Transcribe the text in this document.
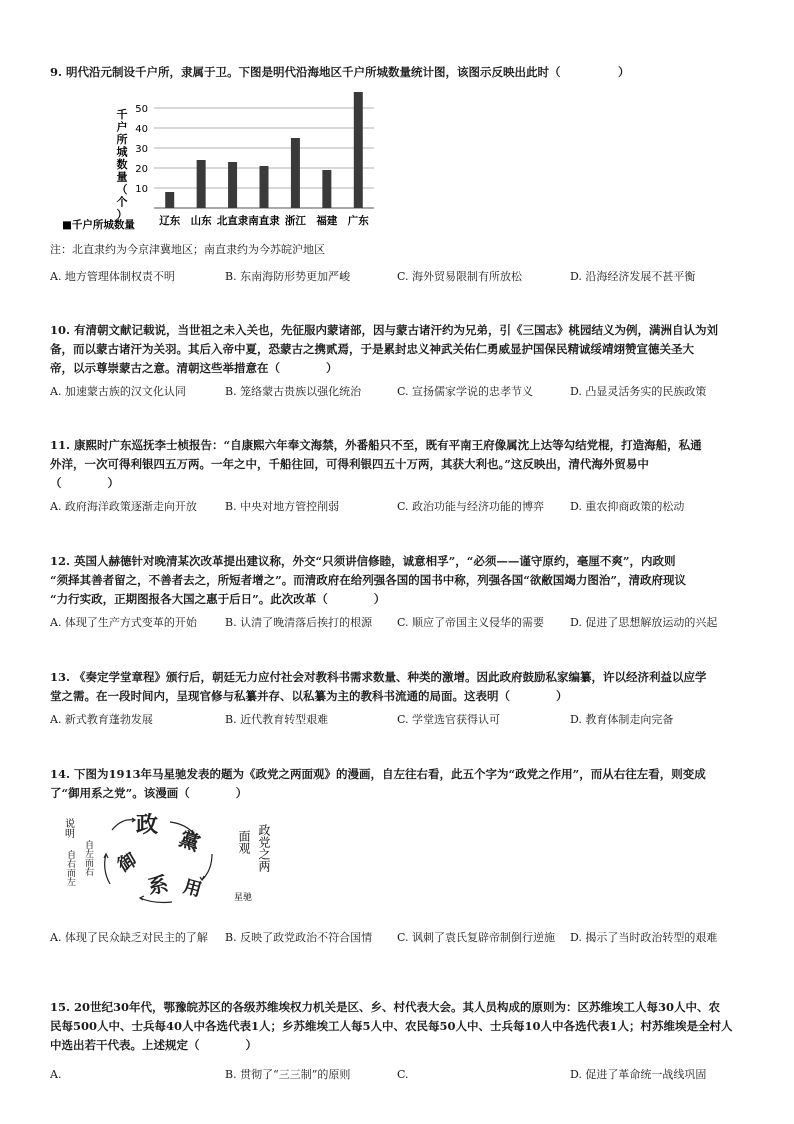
9. 明代沿元制设千户所，隶属于卫。下图是明代沿海地区千户所城数量统计图，该图示反映出此时（　　　　　）
10
20
30
40
50
辽东 山东 北直隶 南直隶 浙江 福建 广东
千户所城数量（个）
■千户所城数量
注：北直隶约为今京津冀地区；南直隶约为今苏皖沪地区
A. 地方管理体制权责不明	B. 东南海防形势更加严峻	C. 海外贸易限制有所放松	D. 沿海经济发展不甚平衡
10. 有清朝文献记载说，当世祖之未入关也，先征服内蒙诸部，因与蒙古诸汗约为兄弟，引《三国志》桃园结义为例，满洲自认为刘
备，而以蒙古诸汗为关羽。其后入帝中夏，恐蒙古之携贰焉，于是累封忠义神武关佑仁勇威显护国保民精诚绥靖翊赞宣德关圣大
帝，以示尊崇蒙古之意。清朝这些举措意在（　　　　）
A. 加速蒙古族的汉文化认同	B. 笼络蒙古贵族以强化统治	C. 宣扬儒家学说的忠孝节义	D. 凸显灵活务实的民族政策
11. 康熙时广东巡抚李士桢报告：“自康熙六年奉文海禁，外番船只不至，既有平南王府像属沈上达等勾结党棍，打造海船，私通
外洋，一次可得利银四五万两。一年之中，千船往回，可得利银四五十万两，其获大利也。”这反映出，清代海外贸易中
（　　　　）
A. 政府海洋政策逐渐走向开放	B. 中央对地方管控削弱	C. 政治功能与经济功能的博弈 D. 重农抑商政策的松动
12. 英国人赫德针对晚清某次改革提出建议称，外交“只须讲信修睦，诚意相孚”，“必须——谨守原约，毫厘不爽”，内政则
“须择其善者留之，不善者去之，所短者增之”。而清政府在给列强各国的国书中称，列强各国“欲敝国竭力图治”，清政府现议
“力行实政，正期图报各大国之惠于后日”。此次改革（　　　　）
A. 体现了生产方式变革的开始	B. 认清了晚清落后挨打的根源 C. 顺应了帝国主义侵华的需要 D. 促进了思想解放运动的兴起
13. 《奏定学堂章程》颁行后，朝廷无力应付社会对教科书需求数量、种类的激增。因此政府鼓励私家编纂，许以经济利益以应学
堂之需。在一段时间内，呈现官修与私纂并存、以私纂为主的教科书流通的局面。这表明（　　　　）
A. 新式教育蓬勃发展	B. 近代教育转型艰难	C. 学堂选官获得认可	D. 教育体制走向完备
14. 下图为1913年马星驰发表的题为《政党之两面观》的漫画，自左往右看，此五个字为“政党之作用”，而从右往左看，则变成
了“御用系之党”。该漫画（　　　　）
说明
自左而右
自右而左
政
黨
御
系 用
政党之两
面观
星驰
A. 体现了民众缺乏对民主的了解	B. 反映了政党政治不符合国情 C. 讽刺了袁氏复辟帝制倒行逆施	D. 揭示了当时政治转型的艰难
15. 20世纪30年代，鄂豫皖苏区的各级苏维埃权力机关是区、乡、村代表大会。其人员构成的原则为：区苏维埃工人每30人中、农
民每500人中、士兵每40人中各选代表1人；乡苏维埃工人每5人中、农民每50人中、士兵每10人中各选代表1人；村苏维埃是全村人
中选出若干代表。上述规定（　　　　）
A.	B. 贯彻了“三三制”的原则	C.	D. 促进了革命统一战线巩固
